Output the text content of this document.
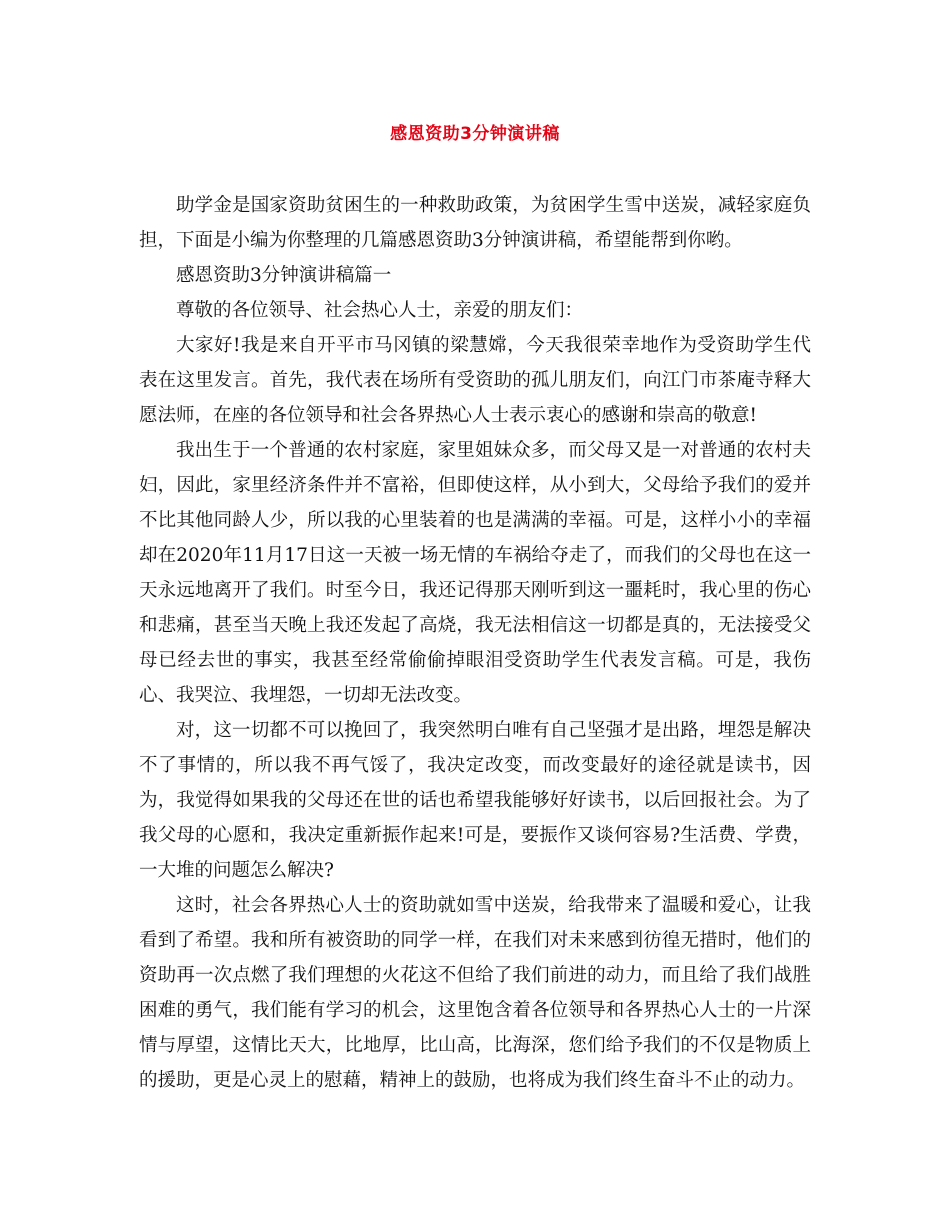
感恩资助3分钟演讲稿

助学金是国家资助贫困生的一种救助政策，为贫困学生雪中送炭，减轻家庭负担，下面是小编为你整理的几篇感恩资助3分钟演讲稿，希望能帮到你哟。

感恩资助3分钟演讲稿篇一

尊敬的各位领导、社会热心人士，亲爱的朋友们：

大家好!我是来自开平市马冈镇的梁慧嫦，今天我很荣幸地作为受资助学生代表在这里发言。首先，我代表在场所有受资助的孤儿朋友们，向江门市茶庵寺释大愿法师，在座的各位领导和社会各界热心人士表示衷心的感谢和崇高的敬意!

我出生于一个普通的农村家庭，家里姐妹众多，而父母又是一对普通的农村夫妇，因此，家里经济条件并不富裕，但即使这样，从小到大，父母给予我们的爱并不比其他同龄人少，所以我的心里装着的也是满满的幸福。可是，这样小小的幸福却在2020年11月17日这一天被一场无情的车祸给夺走了，而我们的父母也在这一天永远地离开了我们。时至今日，我还记得那天刚听到这一噩耗时，我心里的伤心和悲痛，甚至当天晚上我还发起了高烧，我无法相信这一切都是真的，无法接受父母已经去世的事实，我甚至经常偷偷掉眼泪受资助学生代表发言稿。可是，我伤心、我哭泣、我埋怨，一切却无法改变。

对，这一切都不可以挽回了，我突然明白唯有自己坚强才是出路，埋怨是解决不了事情的，所以我不再气馁了，我决定改变，而改变最好的途径就是读书，因为，我觉得如果我的父母还在世的话也希望我能够好好读书，以后回报社会。为了我父母的心愿和，我决定重新振作起来!可是，要振作又谈何容易?生活费、学费，一大堆的问题怎么解决?

这时，社会各界热心人士的资助就如雪中送炭，给我带来了温暖和爱心，让我看到了希望。我和所有被资助的同学一样，在我们对未来感到彷徨无措时，他们的资助再一次点燃了我们理想的火花这不但给了我们前进的动力，而且给了我们战胜困难的勇气，我们能有学习的机会，这里饱含着各位领导和各界热心人士的一片深情与厚望，这情比天大，比地厚，比山高，比海深，您们给予我们的不仅是物质上的援助，更是心灵上的慰藉，精神上的鼓励，也将成为我们终生奋斗不止的动力。
